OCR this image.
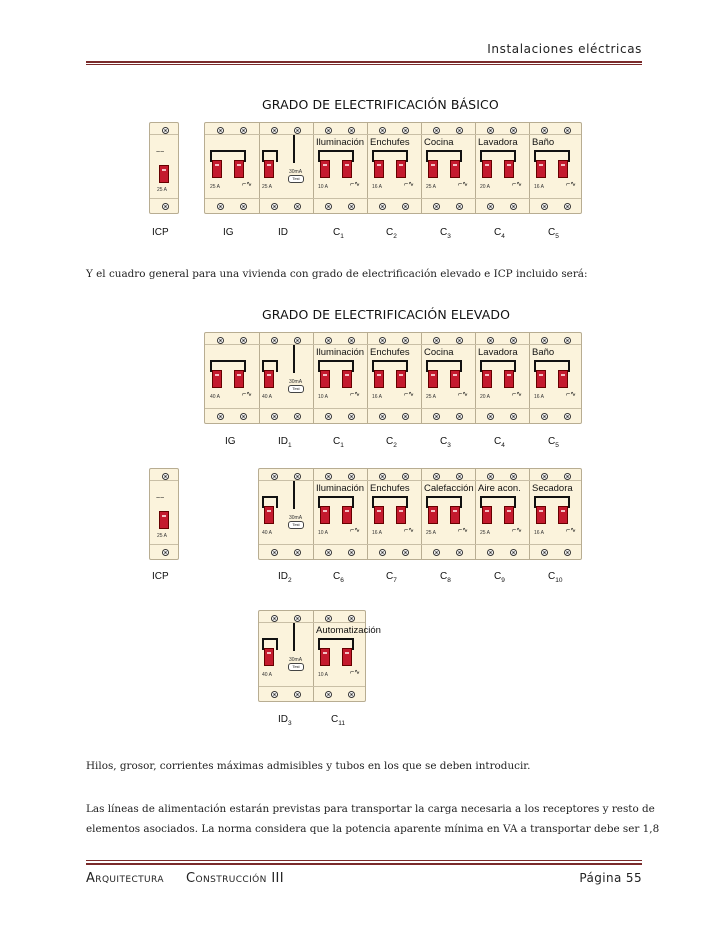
Instalaciones eléctricas
GRADO DE ELECTRIFICACIÓN BÁSICO
Y el cuadro general para una vivienda con grado de electrificación elevado e ICP incluido será:
GRADO DE ELECTRIFICACIÓN ELEVADO
~~
25 A	25 A	⌐∿ 25 A
30mA
Test
Iluminación
10 A	⌐∿
Enchufes
16 A	⌐∿
Cocina
25 A	⌐∿
Lavadora
20 A	⌐∿
Baño
16 A	⌐∿
ICP	IG	ID	$C_1$	$C_2$	$C_3$	$C_4$	$C_5$
40 A	⌐∿ 40 A
30mA
Test
Iluminación
10 A	⌐∿
Enchufes
16 A	⌐∿
Cocina
25 A	⌐∿
Lavadora
20 A	⌐∿
Baño
16 A	⌐∿
IG	$ID_1$	$C_1$	$C_2$	$C_3$	$C_4$	$C_5$
~~
25 A	40 A
30mA
Test
Iluminación
10 A	⌐∿
Enchufes
16 A	⌐∿
Calefacción
25 A	⌐∿
Aire acon.
25 A	⌐∿
Secadora
16 A	⌐∿
ICP	$ID_2$	$C_6$	$C_7$	$C_8$	$C_9$	$C_{10}$
40 A
30mA
Test
Automatización
10 A	⌐∿
$ID_3$	$C_{11}$
Hilos, grosor, corrientes máximas admisibles y tubos en los que se deben introducir.
Las líneas de alimentación estarán previstas para transportar la carga necesaria a los receptores y resto de
elementos asociados. La norma considera que la potencia aparente mínima en VA a transportar debe ser 1,8
Arquitectura Construcción III	Página 55
